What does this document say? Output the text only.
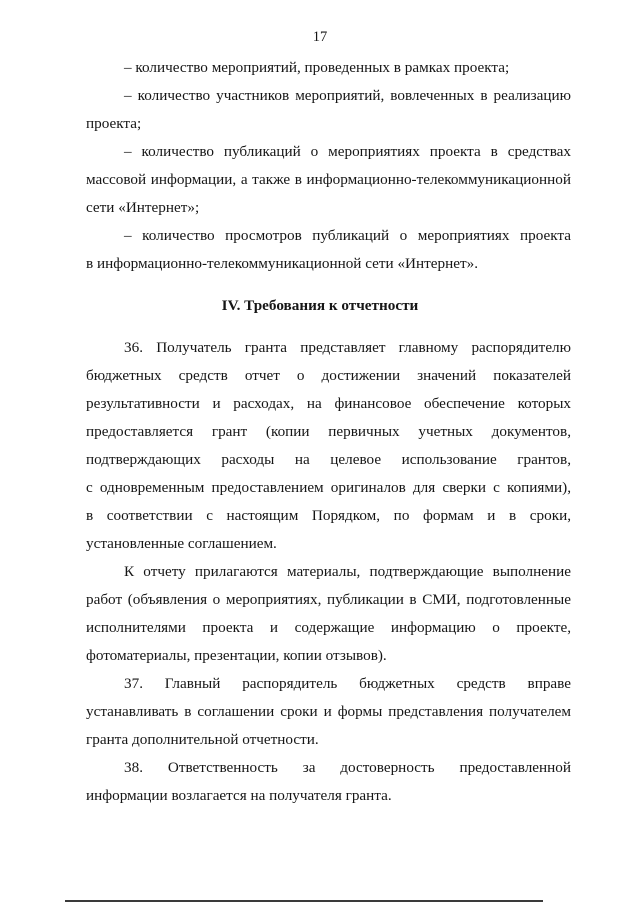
17
– количество мероприятий, проведенных в рамках проекта;
– количество участников мероприятий, вовлеченных в реализацию
проекта;
– количество публикаций о мероприятиях проекта в средствах
массовой информации, а также в информационно-телекоммуникационной
сети «Интернет»;
– количество просмотров публикаций о мероприятиях проекта
в информационно-телекоммуникационной сети «Интернет».
IV. Требования к отчетности
36. Получатель гранта представляет главному распорядителю
бюджетных средств отчет о достижении значений показателей
результативности и расходах, на финансовое обеспечение которых
предоставляется грант (копии первичных учетных документов,
подтверждающих расходы на целевое использование грантов,
с одновременным предоставлением оригиналов для сверки с копиями),
в соответствии с настоящим Порядком, по формам и в сроки,
установленные соглашением.
К отчету прилагаются материалы, подтверждающие выполнение
работ (объявления о мероприятиях, публикации в СМИ, подготовленные
исполнителями проекта и содержащие информацию о проекте,
фотоматериалы, презентации, копии отзывов).
37. Главный распорядитель бюджетных средств вправе
устанавливать в соглашении сроки и формы представления получателем
гранта дополнительной отчетности.
38. Ответственность за достоверность предоставленной
информации возлагается на получателя гранта.
